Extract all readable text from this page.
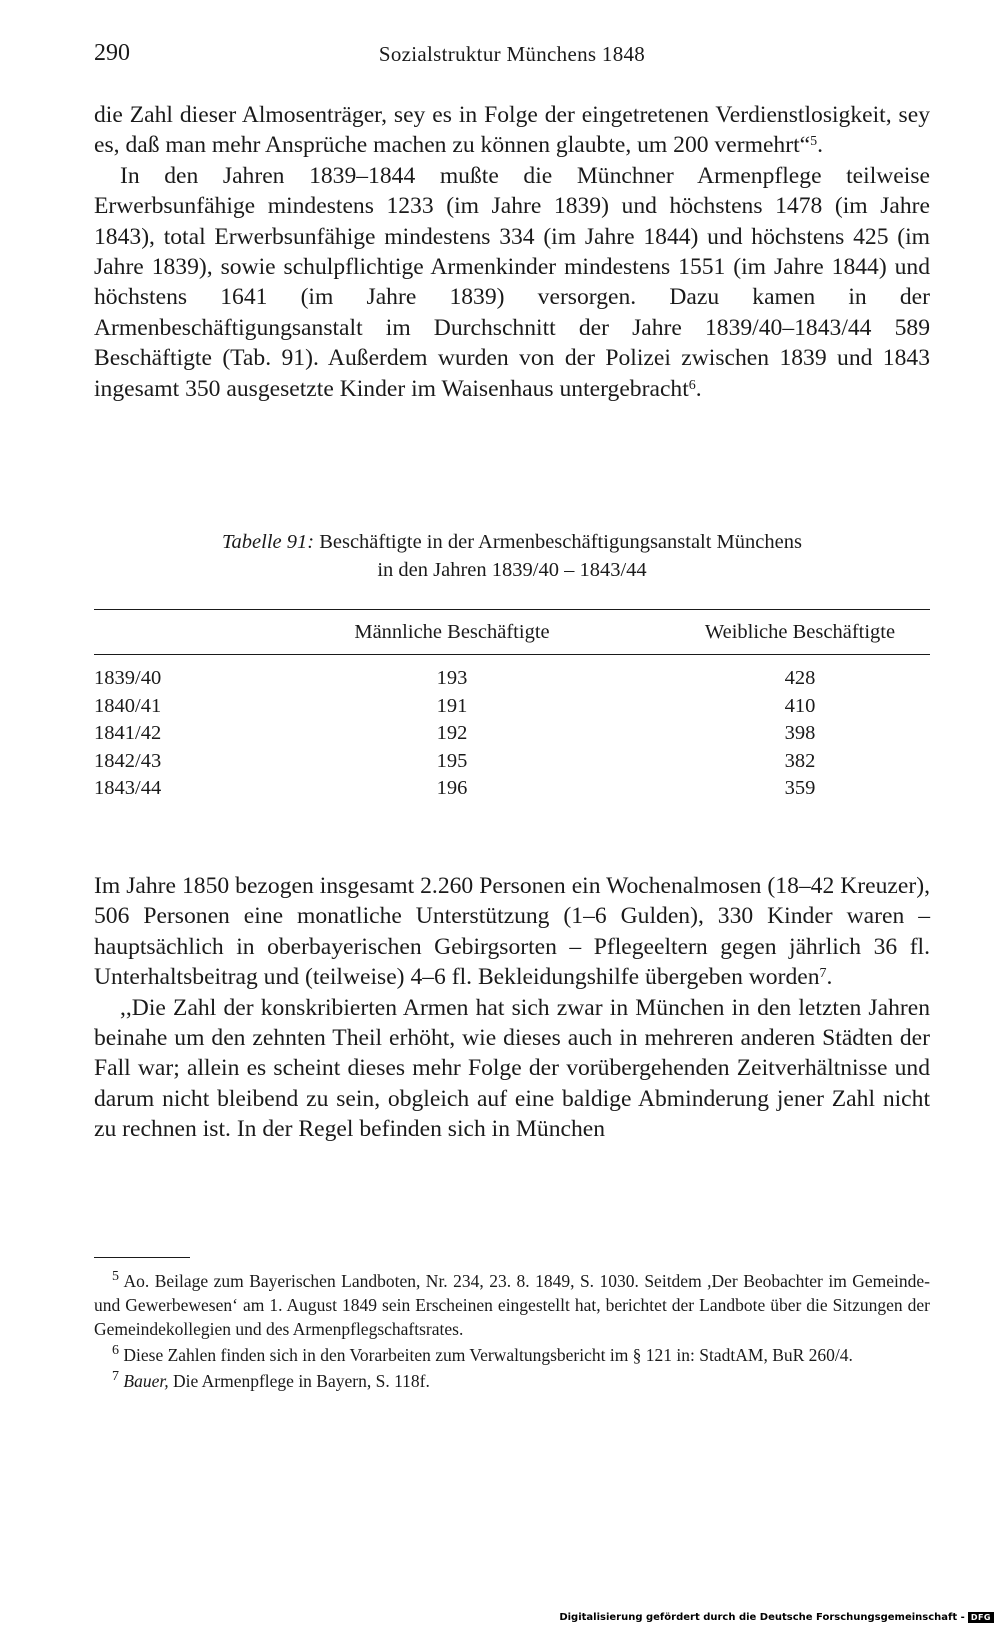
290	Sozialstruktur Münchens 1848

die Zahl dieser Almosenträger, sey es in Folge der eingetretenen Verdienstlosigkeit, sey es, daß man mehr Ansprüche machen zu können glaubte, um 200 vermehrt“$^5$.

In den Jahren 1839–1844 mußte die Münchner Armenpflege teilweise Erwerbsunfähige mindestens 1233 (im Jahre 1839) und höchstens 1478 (im Jahre 1843), total Erwerbsunfähige mindestens 334 (im Jahre 1844) und höchstens 425 (im Jahre 1839), sowie schulpflichtige Armenkinder mindestens 1551 (im Jahre 1844) und höchstens 1641 (im Jahre 1839) versorgen. Dazu kamen in der Armenbeschäftigungsanstalt im Durchschnitt der Jahre 1839/40–1843/44 589 Beschäftigte (Tab. 91). Außerdem wurden von der Polizei zwischen 1839 und 1843 ingesamt 350 ausgesetzte Kinder im Waisenhaus untergebracht$^6$.

Tabelle 91: Beschäftigte in der Armenbeschäftigungsanstalt Münchens
in den Jahren 1839/40 – 1843/44
	Männliche Beschäftigte	Weibliche Beschäftigte
1839/40	193	428
1840/41	191	410
1841/42	192	398
1842/43	195	382
1843/44	196	359

Im Jahre 1850 bezogen insgesamt 2.260 Personen ein Wochenalmosen (18–42 Kreuzer), 506 Personen eine monatliche Unterstützung (1–6 Gulden), 330 Kinder waren – hauptsächlich in oberbayerischen Gebirgsorten – Pflegeeltern gegen jährlich 36 fl. Unterhaltsbeitrag und (teilweise) 4–6 fl. Bekleidungshilfe übergeben worden$^7$.

,,Die Zahl der konskribierten Armen hat sich zwar in München in den letzten Jahren beinahe um den zehnten Theil erhöht, wie dieses auch in mehreren anderen Städten der Fall war; allein es scheint dieses mehr Folge der vorübergehenden Zeitverhältnisse und darum nicht bleibend zu sein, obgleich auf eine baldige Abminderung jener Zahl nicht zu rechnen ist. In der Regel befinden sich in München

$^5$ Ao. Beilage zum Bayerischen Landboten, Nr. 234, 23. 8. 1849, S. 1030. Seitdem ,Der Beobachter im Gemeinde- und Gewerbewesen‘ am 1. August 1849 sein Erscheinen eingestellt hat, berichtet der Landbote über die Sitzungen der Gemeindekollegien und des Armenpflegschaftsrates.

$^6$ Diese Zahlen finden sich in den Vorarbeiten zum Verwaltungsbericht im § 121 in: StadtAM, BuR 260/4.

$^7$ Bauer, Die Armenpflege in Bayern, S. 118f.

Digitalisierung gefördert durch die Deutsche Forschungsgemeinschaft - DFG
